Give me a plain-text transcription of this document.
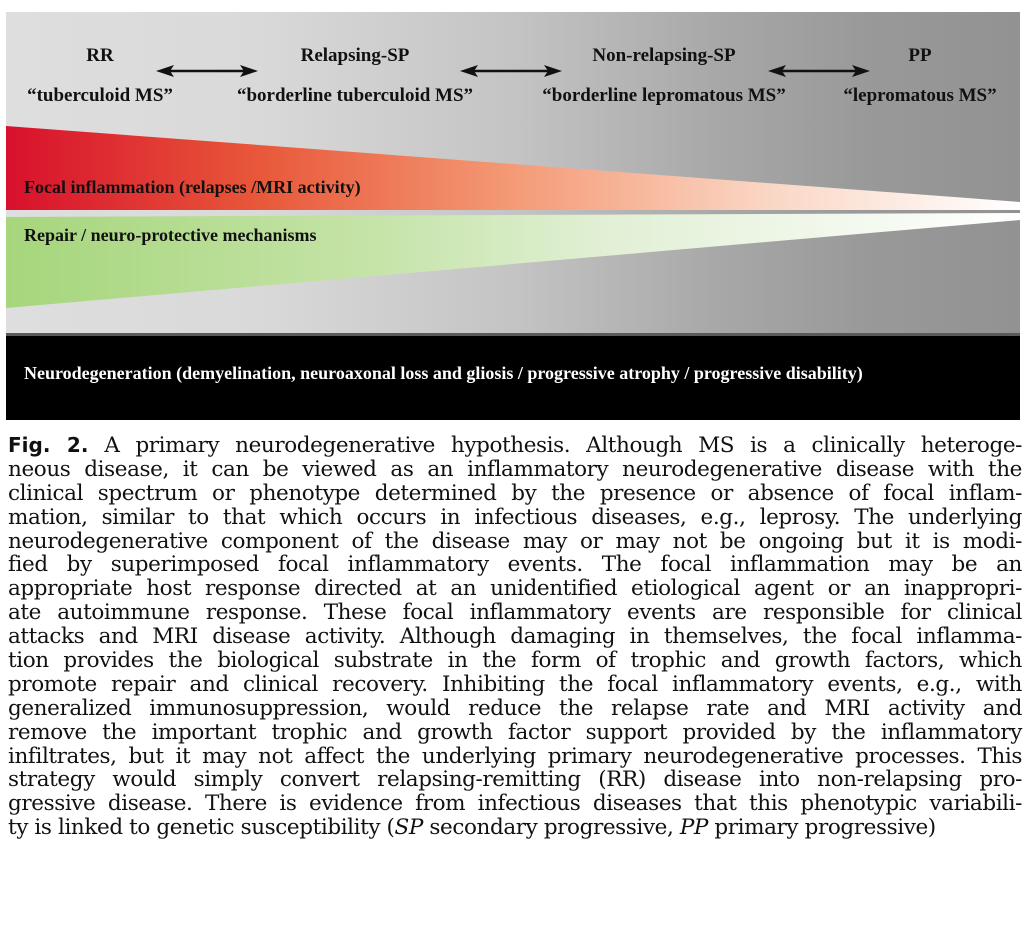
RR
“tuberculoid MS”
Relapsing-SP
“borderline tuberculoid MS”
Non-relapsing-SP
“borderline lepromatous MS”
PP
“lepromatous MS”
Focal inflammation (relapses /MRI activity)
Repair / neuro-protective mechanisms
Neurodegeneration (demyelination, neuroaxonal loss and gliosis / progressive atrophy / progressive disability)
Fig. 2. A primary neurodegenerative hypothesis. Although MS is a clinically heteroge-
neous disease, it can be viewed as an inflammatory neurodegenerative disease with the
clinical spectrum or phenotype determined by the presence or absence of focal inflam-
mation, similar to that which occurs in infectious diseases, e.g., leprosy. The underlying
neurodegenerative component of the disease may or may not be ongoing but it is modi-
fied by superimposed focal inflammatory events. The focal inflammation may be an
appropriate host response directed at an unidentified etiological agent or an inappropri-
ate autoimmune response. These focal inflammatory events are responsible for clinical
attacks and MRI disease activity. Although damaging in themselves, the focal inflamma-
tion provides the biological substrate in the form of trophic and growth factors, which
promote repair and clinical recovery. Inhibiting the focal inflammatory events, e.g., with
generalized immunosuppression, would reduce the relapse rate and MRI activity and
remove the important trophic and growth factor support provided by the inflammatory
infiltrates, but it may not affect the underlying primary neurodegenerative processes. This
strategy would simply convert relapsing-remitting (RR) disease into non-relapsing pro-
gressive disease. There is evidence from infectious diseases that this phenotypic variabili-
ty is linked to genetic susceptibility (SP secondary progressive, PP primary progressive)
